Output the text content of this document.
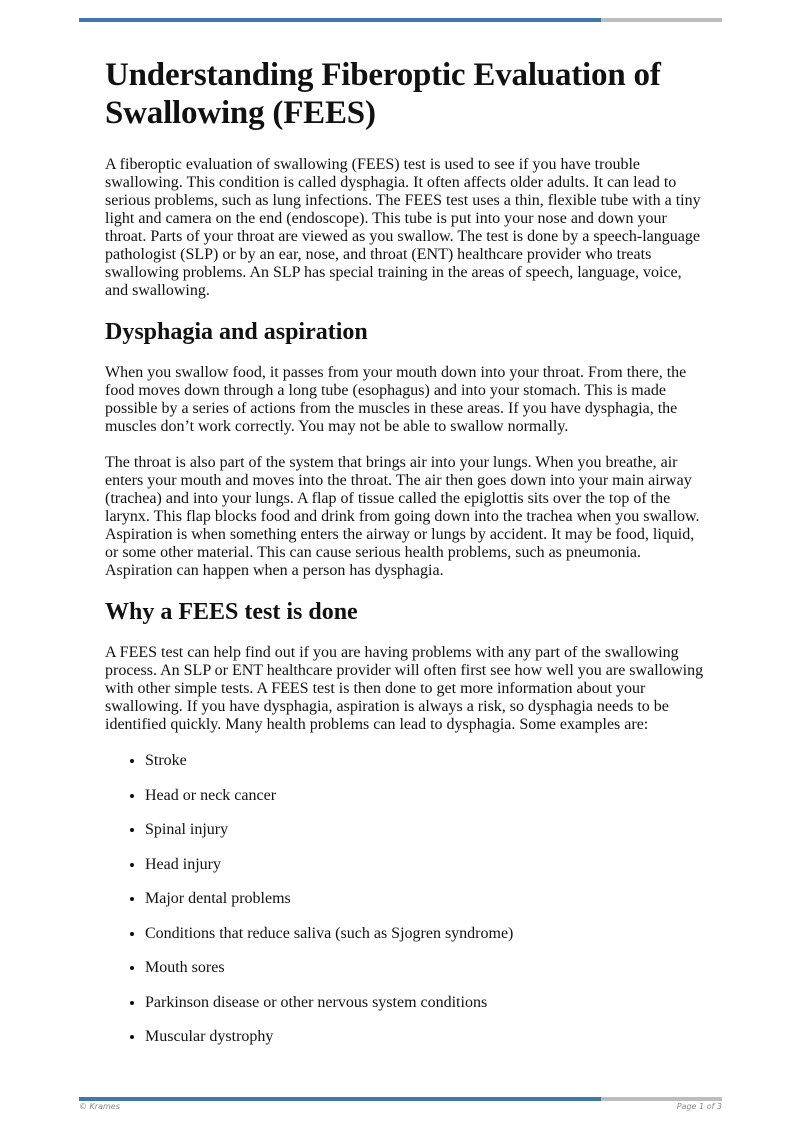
Understanding Fiberoptic Evaluation of Swallowing (FEES)

A fiberoptic evaluation of swallowing (FEES) test is used to see if you have trouble swallowing. This condition is called dysphagia. It often affects older adults. It can lead to serious problems, such as lung infections. The FEES test uses a thin, flexible tube with a tiny light and camera on the end (endoscope). This tube is put into your nose and down your throat. Parts of your throat are viewed as you swallow. The test is done by a speech-language pathologist (SLP) or by an ear, nose, and throat (ENT) healthcare provider who treats swallowing problems. An SLP has special training in the areas of speech, language, voice, and swallowing.

Dysphagia and aspiration

When you swallow food, it passes from your mouth down into your throat. From there, the food moves down through a long tube (esophagus) and into your stomach. This is made possible by a series of actions from the muscles in these areas. If you have dysphagia, the muscles don’t work correctly. You may not be able to swallow normally.

The throat is also part of the system that brings air into your lungs. When you breathe, air enters your mouth and moves into the throat. The air then goes down into your main airway (trachea) and into your lungs. A flap of tissue called the epiglottis sits over the top of the larynx. This flap blocks food and drink from going down into the trachea when you swallow. Aspiration is when something enters the airway or lungs by accident. It may be food, liquid, or some other material. This can cause serious health problems, such as pneumonia. Aspiration can happen when a person has dysphagia.

Why a FEES test is done

A FEES test can help find out if you are having problems with any part of the swallowing process. An SLP or ENT healthcare provider will often first see how well you are swallowing with other simple tests. A FEES test is then done to get more information about your swallowing. If you have dysphagia, aspiration is always a risk, so dysphagia needs to be identified quickly. Many health problems can lead to dysphagia. Some examples are:

• Stroke
• Head or neck cancer
• Spinal injury
• Head injury
• Major dental problems
• Conditions that reduce saliva (such as Sjogren syndrome)
• Mouth sores
• Parkinson disease or other nervous system conditions
• Muscular dystrophy
© Krames	Page 1 of 3
